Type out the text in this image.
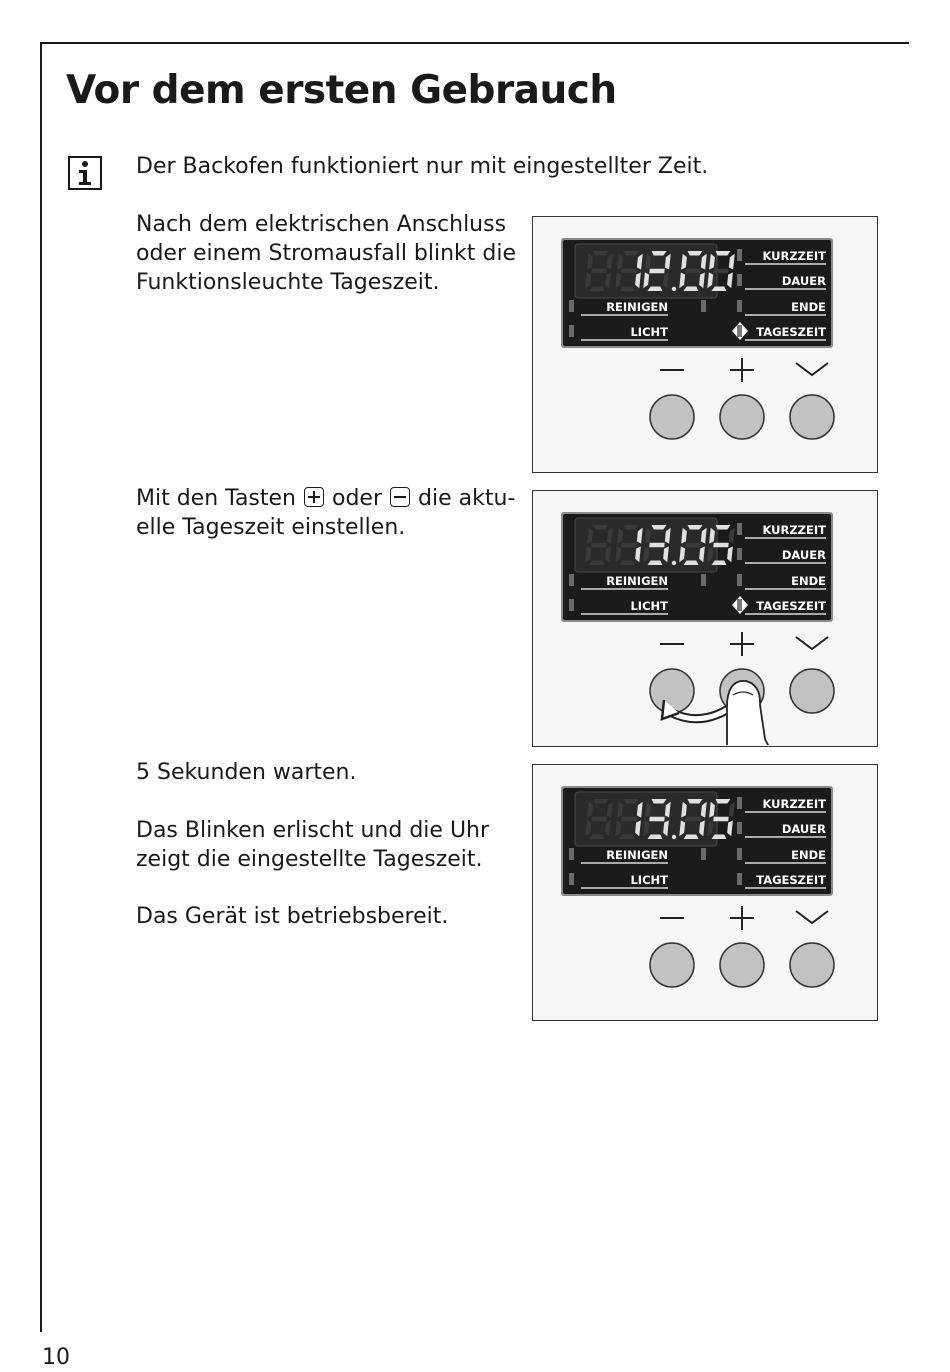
Vor dem ersten Gebrauch

Der Backofen funktioniert nur mit eingestellter Zeit.

Nach dem elektrischen Anschluss
oder einem Stromausfall blinkt die
Funktionsleuchte Tageszeit.

Mit den Tasten oder die aktu-
elle Tageszeit einstellen.

5 Sekunden warten.

Das Blinken erlischt und die Uhr
zeigt die eingestellte Tageszeit.

Das Gerät ist betriebsbereit.

10
KURZZEIT
DAUER
ENDE
TAGESZEIT
REINIGEN
LICHT
KURZZEIT
DAUER
ENDE
TAGESZEIT
REINIGEN
LICHT
KURZZEIT
DAUER
ENDE
TAGESZEIT
REINIGEN
LICHT
